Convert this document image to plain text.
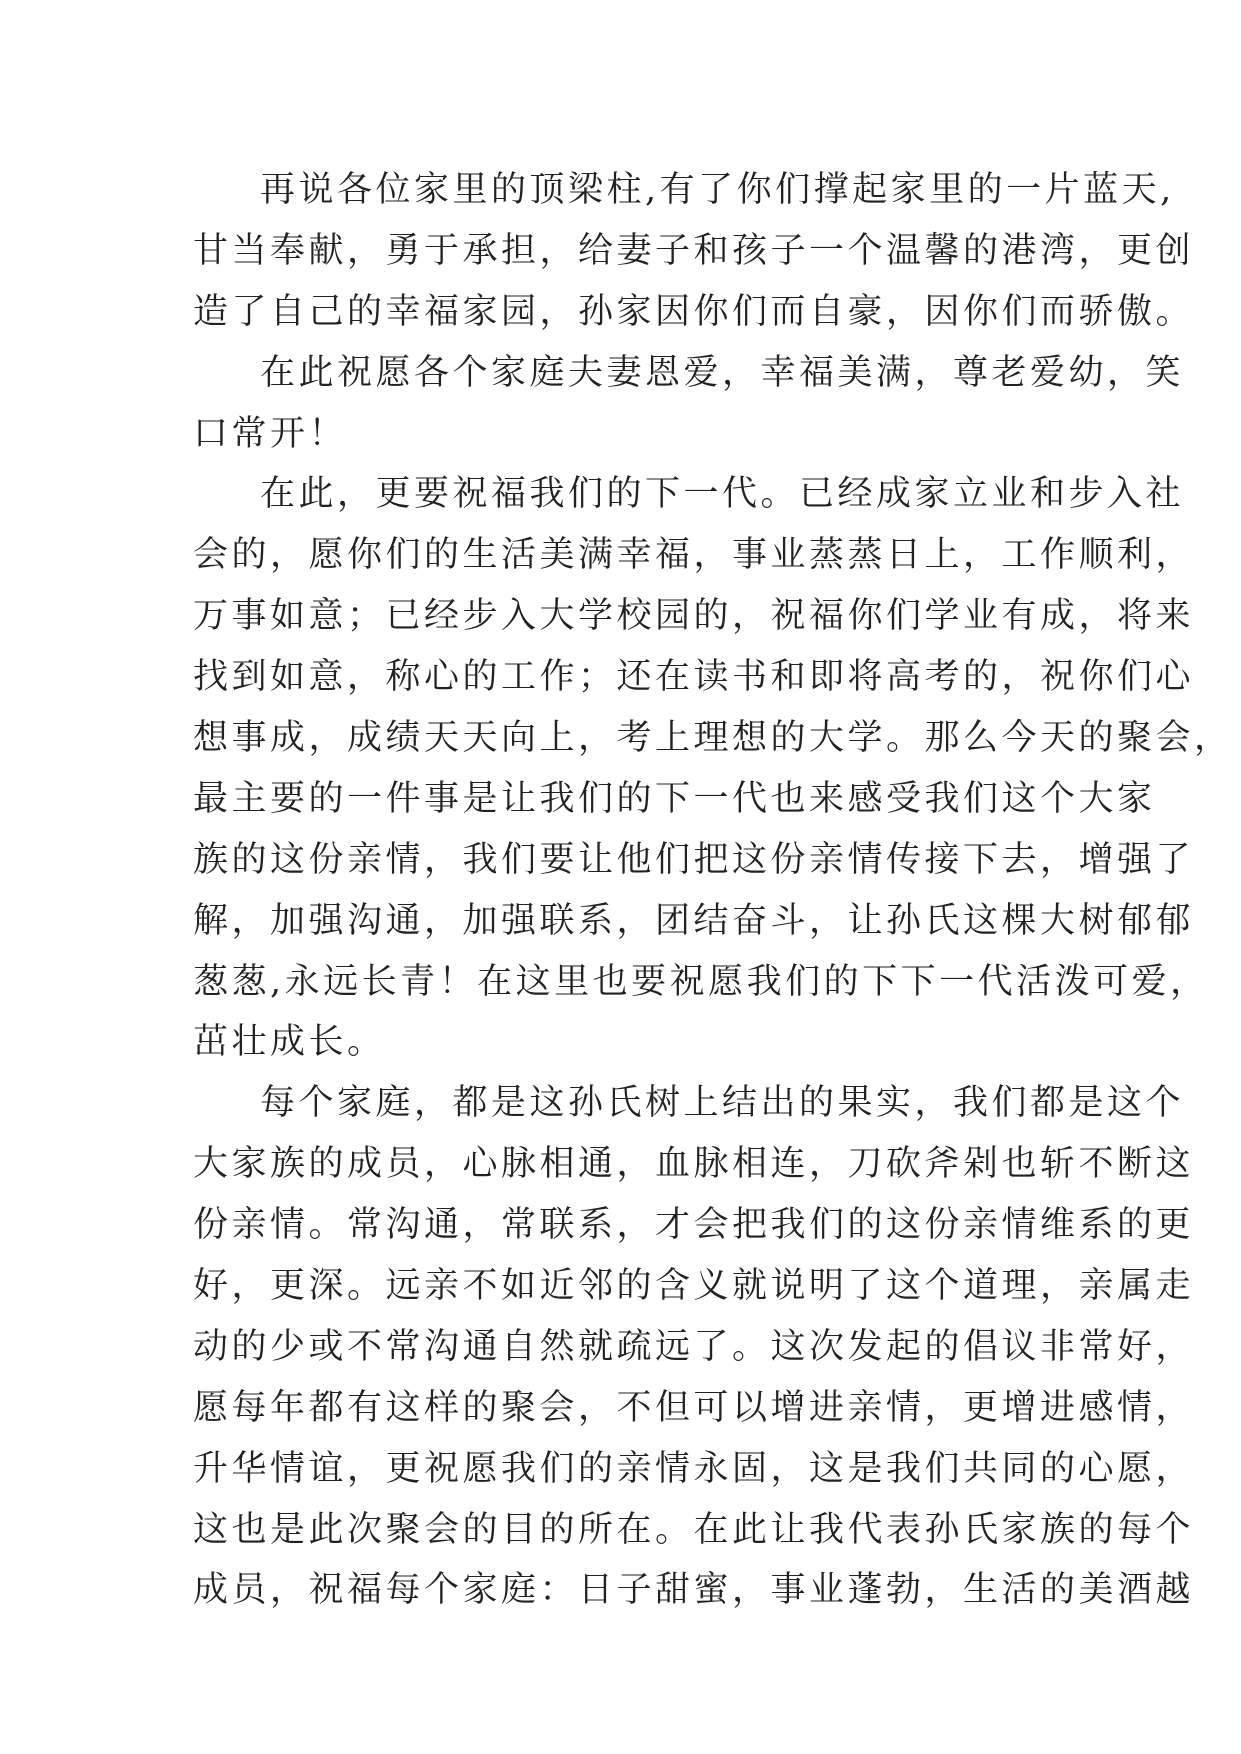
再说各位家里的顶梁柱,有了你们撑起家里的一片蓝天,
甘当奉献，勇于承担，给妻子和孩子一个温馨的港湾，更创
造了自己的幸福家园，孙家因你们而自豪，因你们而骄傲。
在此祝愿各个家庭夫妻恩爱，幸福美满，尊老爱幼，笑
口常开！
在此，更要祝福我们的下一代。已经成家立业和步入社
会的，愿你们的生活美满幸福，事业蒸蒸日上，工作顺利，
万事如意；已经步入大学校园的，祝福你们学业有成，将来
找到如意，称心的工作；还在读书和即将高考的，祝你们心
想事成，成绩天天向上，考上理想的大学。那么今天的聚会，
最主要的一件事是让我们的下一代也来感受我们这个大家
族的这份亲情，我们要让他们把这份亲情传接下去，增强了
解，加强沟通，加强联系，团结奋斗，让孙氏这棵大树郁郁
葱葱,永远长青！在这里也要祝愿我们的下下一代活泼可爱，
茁壮成长。
每个家庭，都是这孙氏树上结出的果实，我们都是这个
大家族的成员，心脉相通，血脉相连，刀砍斧剁也斩不断这
份亲情。常沟通，常联系，才会把我们的这份亲情维系的更
好，更深。远亲不如近邻的含义就说明了这个道理，亲属走
动的少或不常沟通自然就疏远了。这次发起的倡议非常好，
愿每年都有这样的聚会，不但可以增进亲情，更增进感情，
升华情谊，更祝愿我们的亲情永固，这是我们共同的心愿，
这也是此次聚会的目的所在。在此让我代表孙氏家族的每个
成员，祝福每个家庭：日子甜蜜，事业蓬勃，生活的美酒越
